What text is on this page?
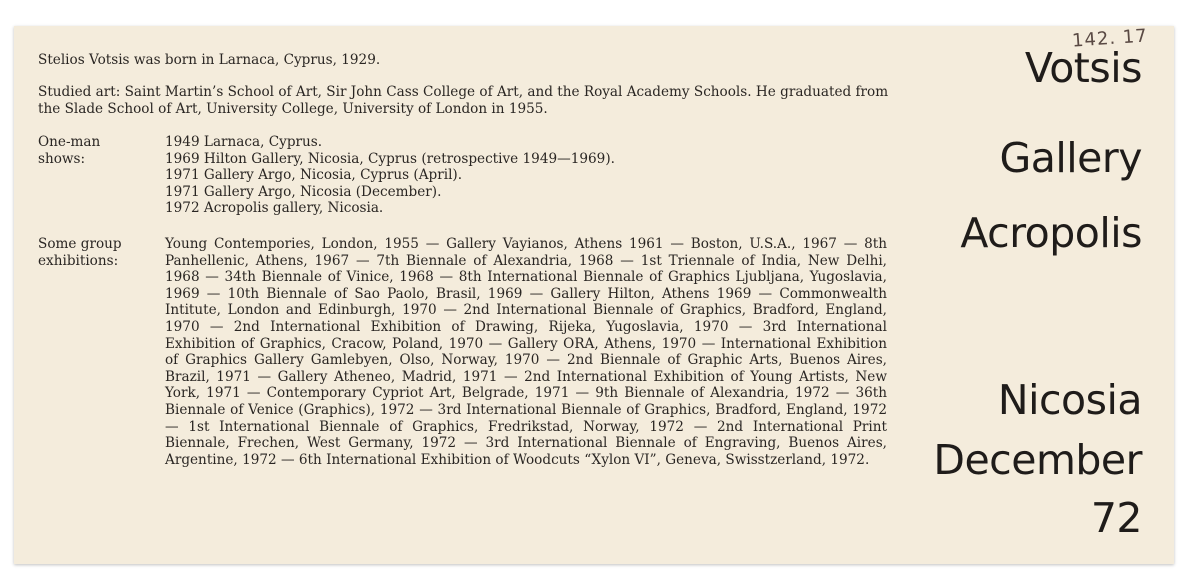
Stelios Votsis was born in Larnaca, Cyprus, 1929.

Studied art: Saint Martin’s School of Art, Sir John Cass College of Art, and the Royal Academy Schools. He graduated from the Slade School of Art, University College, University of London in 1955.

One-man shows:
1949 Larnaca, Cyprus.
1969 Hilton Gallery, Nicosia, Cyprus (retrospective 1949—1969).
1971 Gallery Argo, Nicosia, Cyprus (April).
1971 Gallery Argo, Nicosia (December).
1972 Acropolis gallery, Nicosia.
Some group exhibitions:

Young Contempories, London, 1955 — Gallery Vayianos, Athens 1961 — Boston, U.S.A., 1967 — 8th Panhellenic, Athens, 1967 — 7th Biennale of Alexandria, 1968 — 1st Triennale of India, New Delhi, 1968 — 34th Biennale of Vinice, 1968 — 8th International Biennale of Graphics Ljubljana, Yugoslavia, 1969 — 10th Biennale of Sao Paolo, Brasil, 1969 — Gallery Hilton, Athens 1969 — Commonwealth Intitute, London and Edinburgh, 1970 — 2nd International Biennale of Graphics, Bradford, England, 1970 — 2nd International Exhibition of Drawing, Rijeka, Yugoslavia, 1970 — 3rd International Exhibition of Graphics, Cracow, Poland, 1970 — Gallery ORA, Athens, 1970 — International Exhibition of Graphics Gallery Gamlebyen, Olso, Norway, 1970 — 2nd Biennale of Graphic Arts, Buenos Aires, Brazil, 1971 — Gallery Atheneo, Madrid, 1971 — 2nd International Exhibition of Young Artists, New York, 1971 — Contemporary Cypriot Art, Belgrade, 1971 — 9th Biennale of Alexandria, 1972 — 36th Biennale of Venice (Graphics), 1972 — 3rd International Biennale of Graphics, Bradford, England, 1972 — 1st International Biennale of Graphics, Fredrikstad, Norway, 1972 — 2nd International Print Biennale, Frechen, West Germany, 1972 — 3rd International Biennale of Engraving, Buenos Aires, Argentine, 1972 — 6th International Exhibition of Woodcuts “Xylon VI”, Geneva, Swisstzerland, 1972.

Votsis
Gallery
Acropolis
Nicosia
December
72
142. 17
